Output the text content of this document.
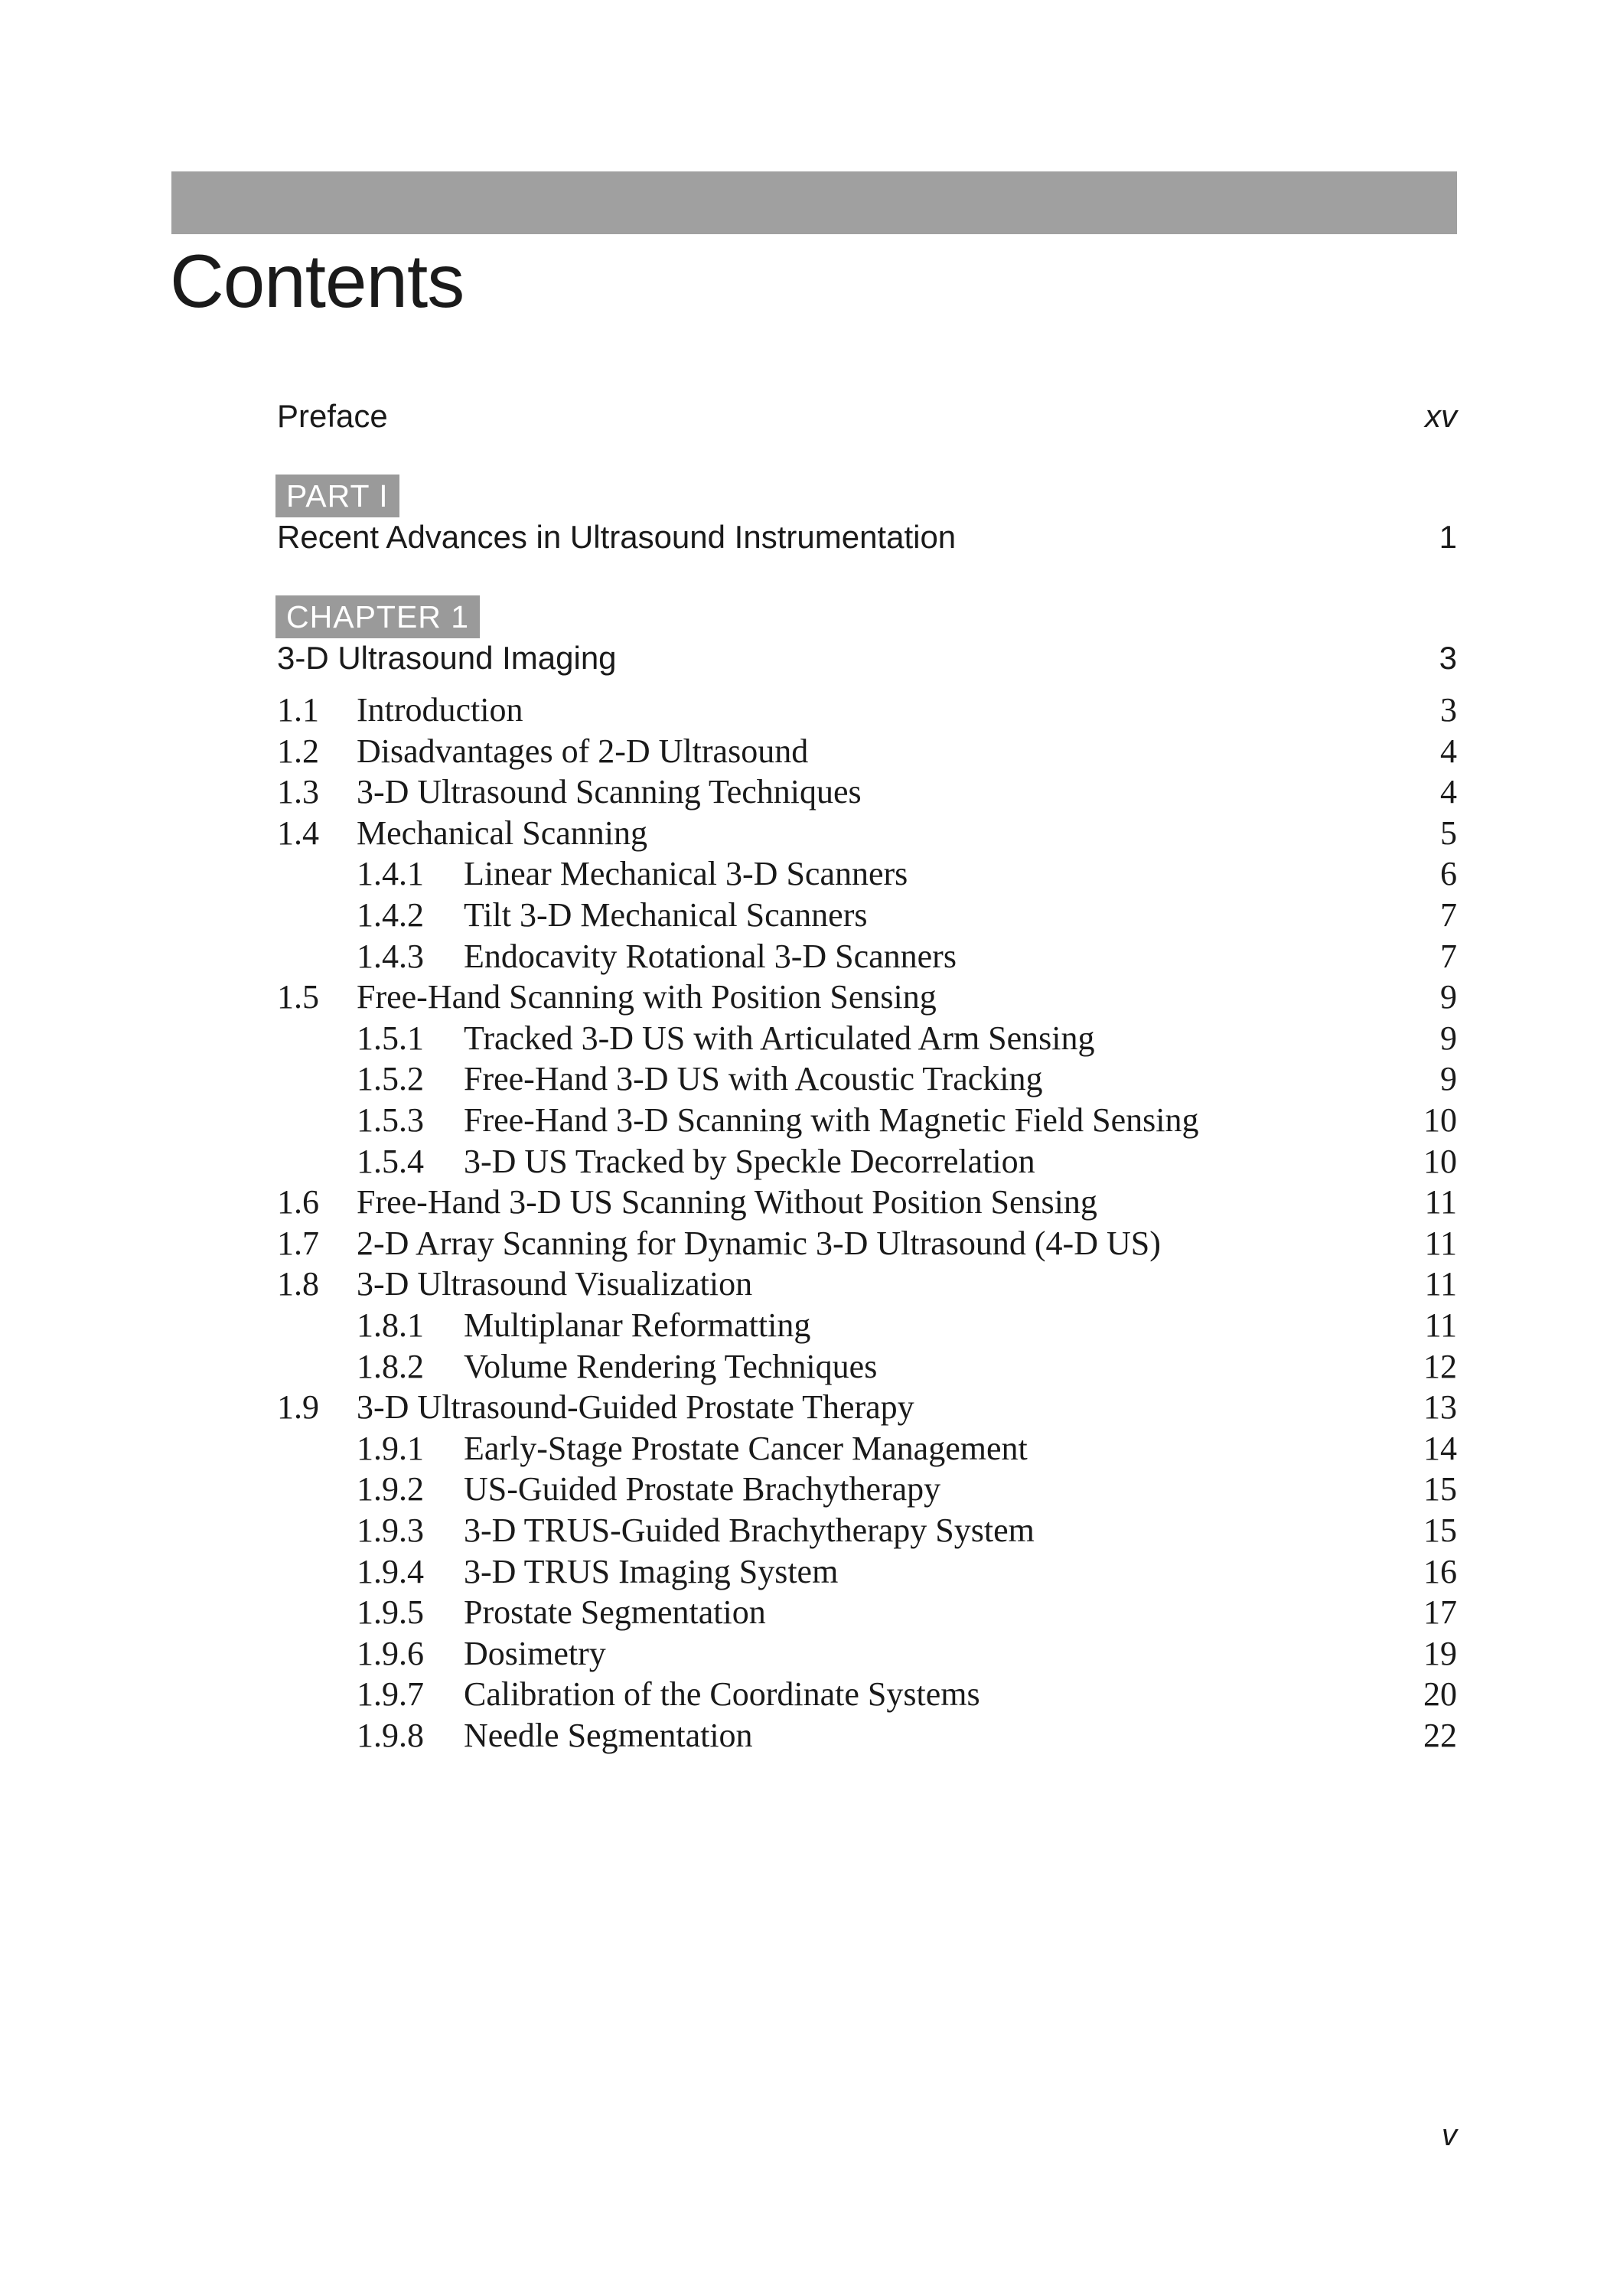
Contents
Preface	xv
PART I
Recent Advances in Ultrasound Instrumentation	1
CHAPTER 1
3-D Ultrasound Imaging	3
1.1	Introduction	3
1.2	Disadvantages of 2-D Ultrasound	4
1.3	3-D Ultrasound Scanning Techniques	4
1.4	Mechanical Scanning	5
1.4.1	Linear Mechanical 3-D Scanners	6
1.4.2	Tilt 3-D Mechanical Scanners	7
1.4.3	Endocavity Rotational 3-D Scanners	7
1.5	Free-Hand Scanning with Position Sensing	9
1.5.1	Tracked 3-D US with Articulated Arm Sensing	9
1.5.2	Free-Hand 3-D US with Acoustic Tracking	9
1.5.3	Free-Hand 3-D Scanning with Magnetic Field Sensing	10
1.5.4	3-D US Tracked by Speckle Decorrelation	10
1.6	Free-Hand 3-D US Scanning Without Position Sensing	11
1.7	2-D Array Scanning for Dynamic 3-D Ultrasound (4-D US)	11
1.8	3-D Ultrasound Visualization	11
1.8.1	Multiplanar Reformatting	11
1.8.2	Volume Rendering Techniques	12
1.9	3-D Ultrasound-Guided Prostate Therapy	13
1.9.1	Early-Stage Prostate Cancer Management	14
1.9.2	US-Guided Prostate Brachytherapy	15
1.9.3	3-D TRUS-Guided Brachytherapy System	15
1.9.4	3-D TRUS Imaging System	16
1.9.5	Prostate Segmentation	17
1.9.6	Dosimetry	19
1.9.7	Calibration of the Coordinate Systems	20
1.9.8	Needle Segmentation	22
v
